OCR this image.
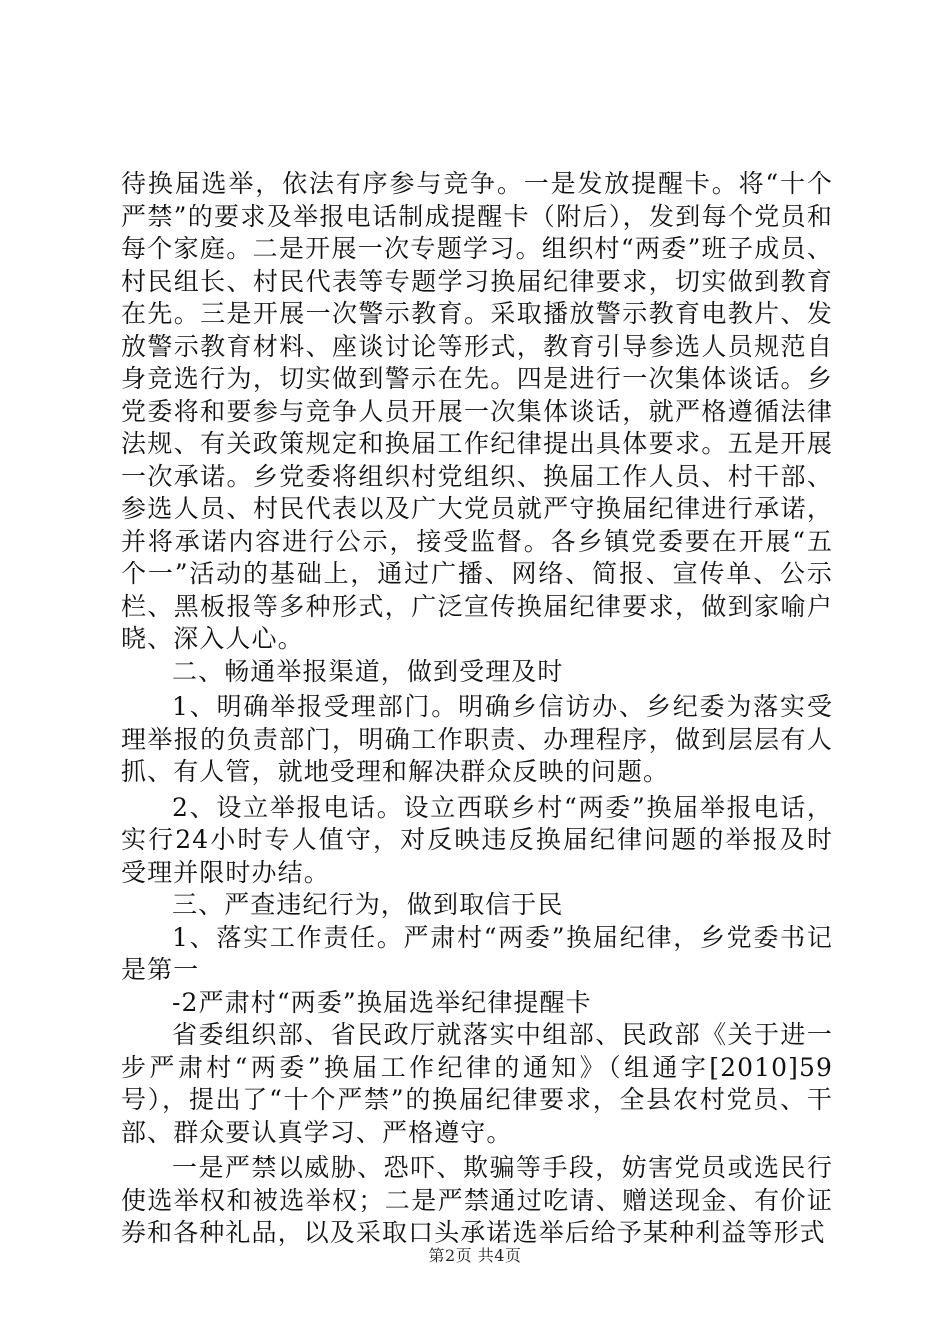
待换届选举，依法有序参与竞争。一是发放提醒卡。将“十个严禁”的要求及举报电话制成提醒卡（附后），发到每个党员和每个家庭。二是开展一次专题学习。组织村“两委”班子成员、村民组长、村民代表等专题学习换届纪律要求，切实做到教育在先。三是开展一次警示教育。采取播放警示教育电教片、发放警示教育材料、座谈讨论等形式，教育引导参选人员规范自身竞选行为，切实做到警示在先。四是进行一次集体谈话。乡党委将和要参与竞争人员开展一次集体谈话，就严格遵循法律法规、有关政策规定和换届工作纪律提出具体要求。五是开展一次承诺。乡党委将组织村党组织、换届工作人员、村干部、参选人员、村民代表以及广大党员就严守换届纪律进行承诺，并将承诺内容进行公示，接受监督。各乡镇党委要在开展“五个一”活动的基础上，通过广播、网络、简报、宣传单、公示栏、黑板报等多种形式，广泛宣传换届纪律要求，做到家喻户晓、深入人心。

二、畅通举报渠道，做到受理及时

1、明确举报受理部门。明确乡信访办、乡纪委为落实受理举报的负责部门，明确工作职责、办理程序，做到层层有人抓、有人管，就地受理和解决群众反映的问题。

2、设立举报电话。设立西联乡村“两委”换届举报电话，实行24小时专人值守，对反映违反换届纪律问题的举报及时受理并限时办结。

三、严查违纪行为，做到取信于民

1、落实工作责任。严肃村“两委”换届纪律，乡党委书记是第一

-2严肃村“两委”换届选举纪律提醒卡

省委组织部、省民政厅就落实中组部、民政部《关于进一步严肃村“两委”换届工作纪律的通知》（组通字[2010]59号），提出了“十个严禁”的换届纪律要求，全县农村党员、干部、群众要认真学习、严格遵守。

一是严禁以威胁、恐吓、欺骗等手段，妨害党员或选民行使选举权和被选举权；二是严禁通过吃请、赠送现金、有价证券和各种礼品，以及采取口头承诺选举后给予某种利益等形式

第2页 共4页
